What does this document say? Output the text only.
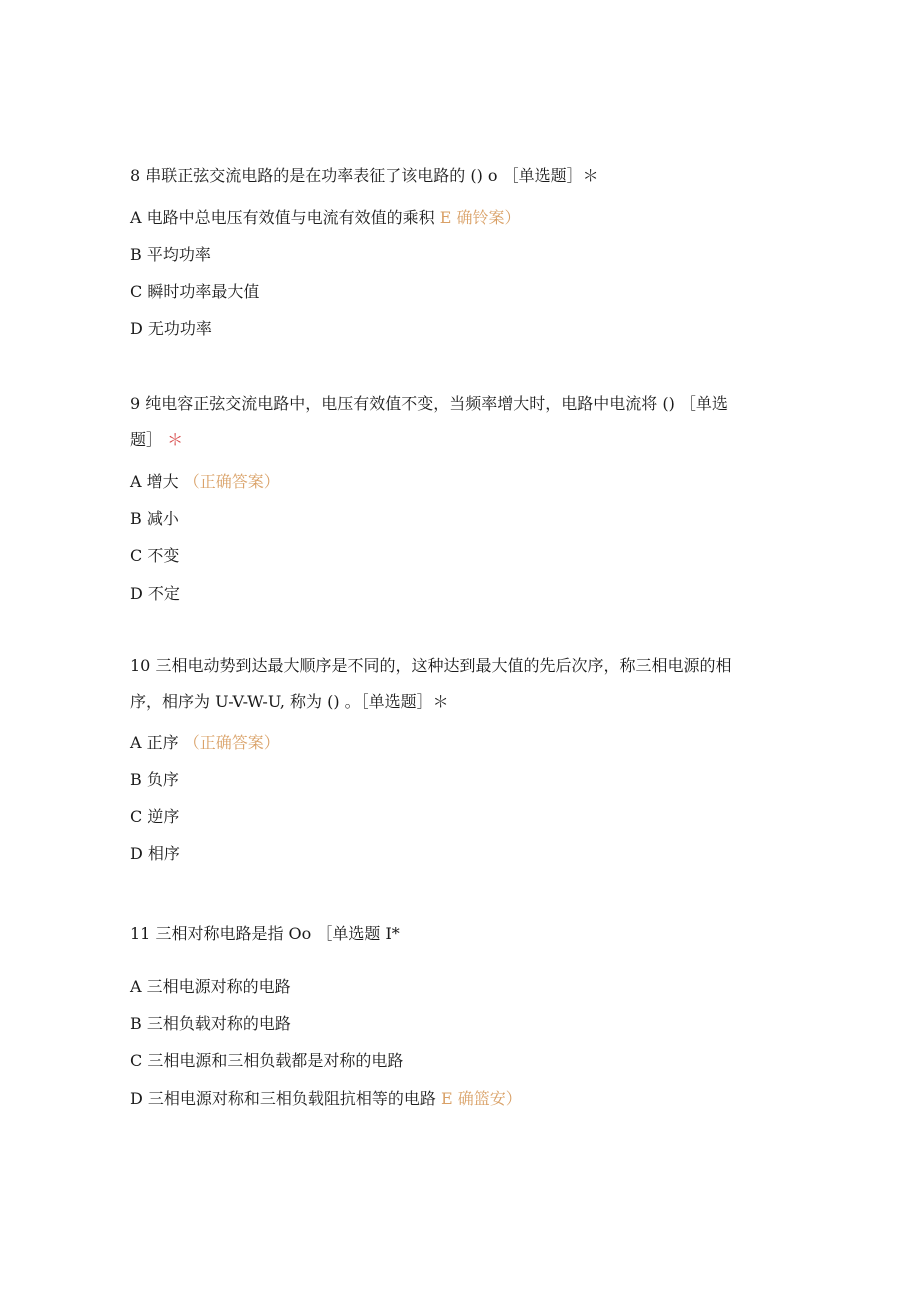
8 串联正弦交流电路的是在功率表征了该电路的 () o ［单选题］＊
A 电路中总电压有效值与电流有效值的乘积 E 确铃案）
B 平均功率
C 瞬时功率最大值
D 无功功率
9 纯电容正弦交流电路中，电压有效值不变，当频率增大时，电路中电流将 () ［单选
题］ ＊
A 增大 （正确答案）
B 减小
C 不变
D 不定
10 三相电动势到达最大顺序是不同的，这种达到最大值的先后次序，称三相电源的相
序，相序为 U-V-W-U, 称为 () 。［单选题］＊
A 正序 （正确答案）
B 负序
C 逆序
D 相序
11 三相对称电路是指 Oo ［单选题 I*
A 三相电源对称的电路
B 三相负载对称的电路
C 三相电源和三相负载都是对称的电路
D 三相电源对称和三相负载阻抗相等的电路 E 确篮安）
